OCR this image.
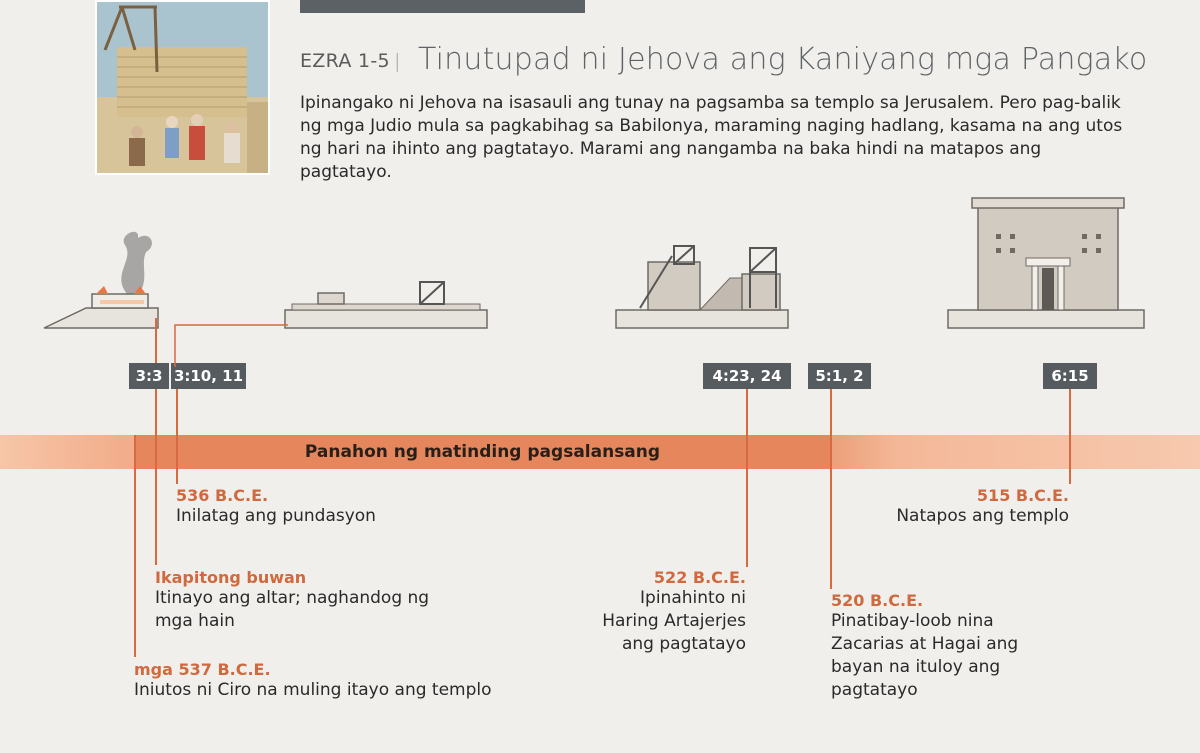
EZRA 1-5 | Tinutupad ni Jehova ang Kaniyang mga Pangako
Ipinangako ni Jehova na isasauli ang tunay na pagsamba sa templo sa Jerusalem. Pero pag-balik ng mga Judio mula sa pagkabihag sa Babilonya, maraming naging hadlang, kasama na ang utos ng hari na ihinto ang pagtatayo. Marami ang nangamba na baka hindi na matapos ang pagtatayo.
3:3 3:10, 11	4:23, 24	5:1, 2	6:15
Panahon ng matinding pagsalansang
536 B.C.E.
Inilatag ang pundasyon
Ikapitong buwan
Itinayo ang altar; naghandog ng mga hain
mga 537 B.C.E.
Iniutos ni Ciro na muling itayo ang templo
522 B.C.E.
Ipinahinto ni Haring Artajerjes ang pagtatayo
520 B.C.E.
Pinatibay-loob nina Zacarias at Hagai ang bayan na ituloy ang pagtatayo
515 B.C.E.
Natapos ang templo
